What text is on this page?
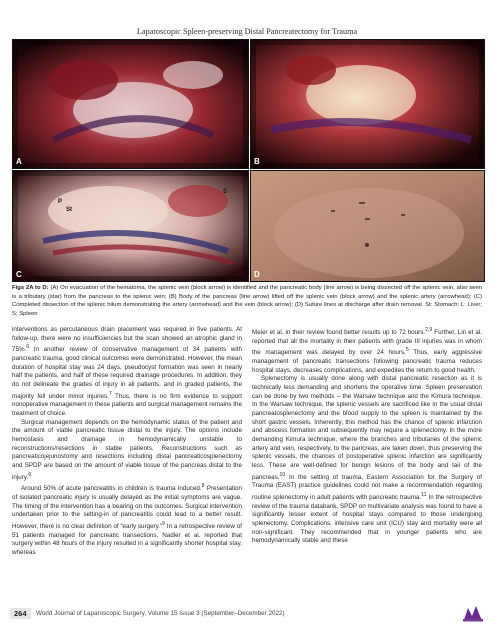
Laparoscopic Spleen-preserving Distal Pancreatectomy for Trauma
A	B
St
P
S
C	D

Figs 2A to D: (A) On evacuation of the hematoma, the splenic vein (block arrow) is identified and the pancreatic body (line arrow) is being dissected off the splenic vein, also seen is a tributary (star) from the pancreas to the splenic vein; (B) Body of the pancreas (line arrow) lifted off the splenic vein (block arrow) and the splenic artery (arrowhead); (C) Completed dissection of the splenic hilum demonstrating the artery (arrowhead) and the vein (block arrow); (D) Suture lines at discharge after drain removal. St: Stomach; L: Liver; S: Spleen

interventions as percutaneous drain placement was required in five patients. At follow-up, there were no insufficiencies but the scan showed an atrophic gland in 75%.$^6$ In another review of conservative management of 34 patients with pancreatic trauma, good clinical outcomes were demonstrated. However, the mean duration of hospital stay was 24 days, pseudocyst formation was seen in nearly half the patients, and half of these required drainage procedures. In addition, they do not delineate the grades of injury in all patients, and in graded patients, the majority fell under minor injuries.$^7$ Thus, there is no firm evidence to support nonoperative management in these patients and surgical management remains the treatment of choice.

Surgical management depends on the hemodynamic status of the patient and the amount of viable pancreatic tissue distal to the injury. The options include hemostasis and drainage in hemodynamically unstable to reconstructions/resections in stable patients. Reconstructions such as pancreaticojejunostomy and resections including distal pancreaticosplenectomy and SPDP are based on the amount of viable tissue of the pancreas distal to the injury.$^6$

Around 50% of acute pancreatitis in children is trauma induced.$^8$ Presentation of isolated pancreatic injury is usually delayed as the initial symptoms are vague. The timing of the intervention has a bearing on the outcomes. Surgical intervention undertaken prior to the setting-in of pancreatitis could lead to a better result. However, there is no clear definition of “early surgery.”$^9$ In a retrospective review of 51 patients managed for pancreatic transections, Nadler et al. reported that surgery within 48 hours of the injury resulted in a significantly shorter hospital stay, whereas

Meier et al. in their review found better results up to 72 hours.$^{2,9}$ Further, Lin et al. reported that all the mortality in their patients with grade III injuries was in whom the management was delayed by over 24 hours.$^5$ Thus, early aggressive management of pancreatic transections following pancreatic trauma reduces hospital stays, decreases complications, and expedites the return to good health.

Splenectomy is usually done along with distal pancreatic resection as it is technically less demanding and shortens the operative time. Spleen preservation can be done by two methods – the Warsaw technique and the Kimura technique. In the Warsaw technique, the splenic vessels are sacrificed like in the usual distal pancreatosplenectomy and the blood supply to the spleen is maintained by the short gastric vessels. Inherently, this method has the chance of splenic infarction and abscess formation and subsequently may require a splenectomy. In the more demanding Kimura technique, where the branches and tributaries of the splenic artery and vein, respectively, to the pancreas, are taken down, thus preserving the splenic vessels, the chances of postoperative splenic infarction are significantly less. These are well-defined for benign lesions of the body and tail of the pancreas.$^{10}$ In the setting of trauma, Eastern Association for the Surgery of Trauma (EAST) practice guidelines could not make a recommendation regarding routine splenectomy in adult patients with pancreatic trauma.$^{11}$ In the retrospective review of the trauma databank, SPDP on multivariate analysis was found to have a significantly lesser extent of hospital stays compared to those undergoing splenectomy. Complications, intensive care unit (ICU) stay and mortality were all non-significant. They recommended that in younger patients who are hemodynamically stable and these

264	World Journal of Laparoscopic Surgery, Volume 15 Issue 3 (September–December 2022)
